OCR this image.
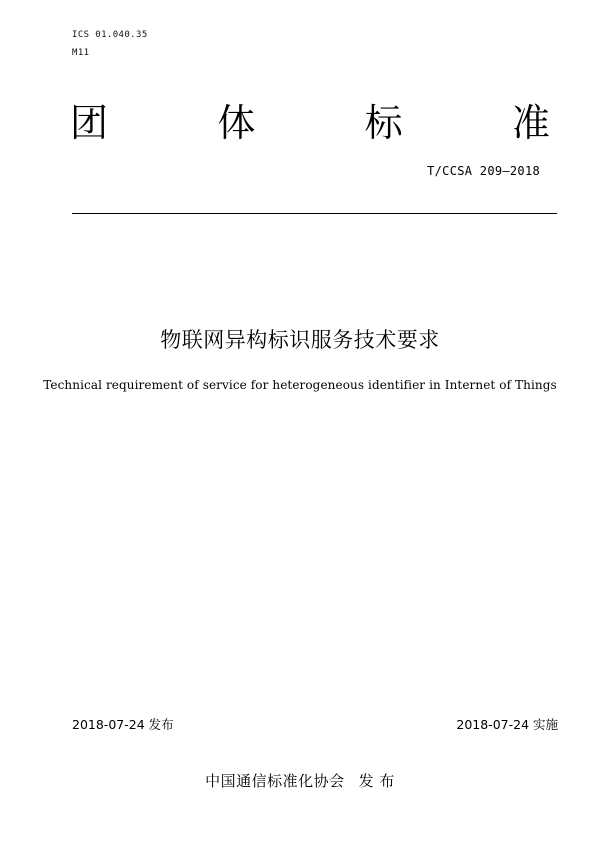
ICS 01.040.35
M11
团	体	标	准
T/CCSA 209—2018
物联网异构标识服务技术要求
Technical requirement of service for heterogeneous identifier in Internet of Things
2018-07-24 发布	2018-07-24 实施
中国通信标准化协会 发 布
